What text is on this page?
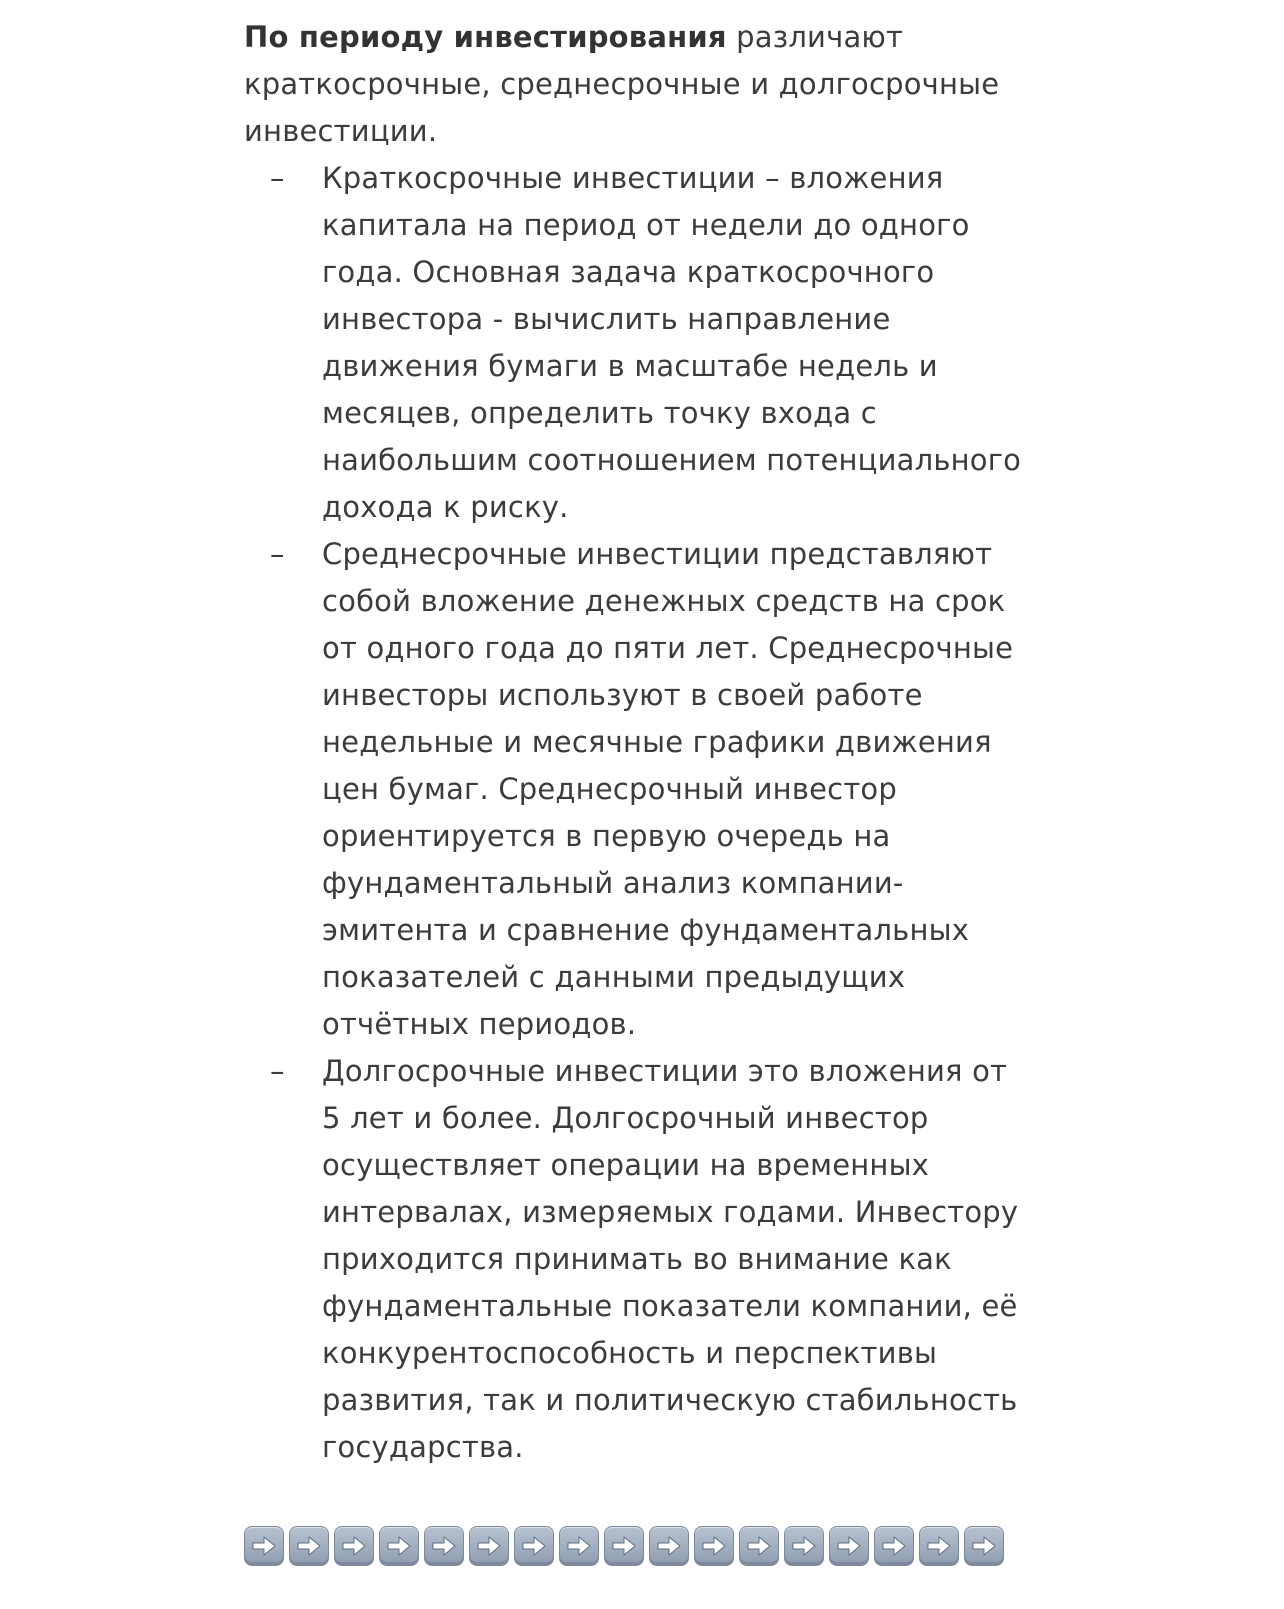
По периоду инвестирования различают краткосрочные, среднесрочные и долгосрочные инвестиции.

– Краткосрочные инвестиции – вложения капитала на период от недели до одного года. Основная задача краткосрочного инвестора - вычислить направление движения бумаги в масштабе недель и месяцев, определить точку входа с наибольшим соотношением потенциального дохода к риску.
– Среднесрочные инвестиции представляют собой вложение денежных средств на срок от одного года до пяти лет. Среднесрочные инвесторы используют в своей работе недельные и месячные графики движения цен бумаг. Среднесрочный инвестор ориентируется в первую очередь на фундаментальный анализ компании-эмитента и сравнение фундаментальных показателей с данными предыдущих отчётных периодов.
– Долгосрочные инвестиции это вложения от 5 лет и более. Долгосрочный инвестор осуществляет операции на временных интервалах, измеряемых годами. Инвестору приходится принимать во внимание как фундаментальные показатели компании, её конкурентоспособность и перспективы развития, так и политическую стабильность государства.
